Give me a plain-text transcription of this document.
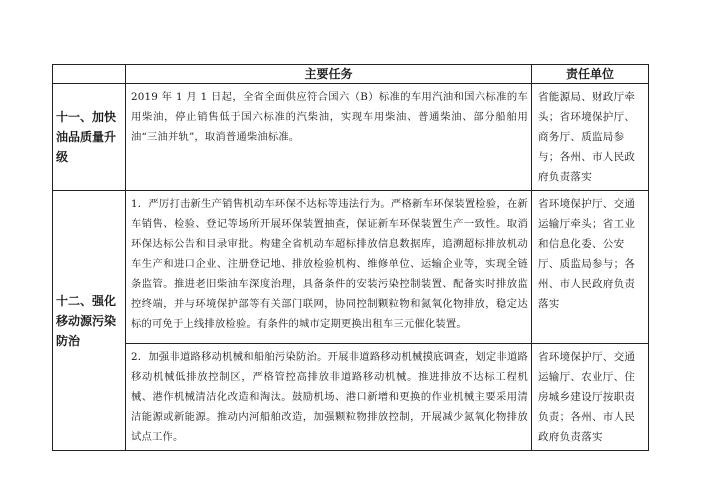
	主要任务	责任单位
十一、加快油品质量升级	2019 年 1 月 1 日起，全省全面供应符合国六（B）标准的车用汽油和国六标准的车用柴油，停止销售低于国六标准的汽柴油，实现车用柴油、普通柴油、部分船舶用油“三油并轨”，取消普通柴油标准。	省能源局、财政厅牵头；省环境保护厅、商务厅、质监局参与；各州、市人民政府负责落实
十二、强化移动源污染防治	1．严厉打击新生产销售机动车环保不达标等违法行为。严格新车环保装置检验，在新车销售、检验、登记等场所开展环保装置抽查，保证新车环保装置生产一致性。取消环保达标公告和目录审批。构建全省机动车超标排放信息数据库，追溯超标排放机动车生产和进口企业、注册登记地、排放检验机构、维修单位、运输企业等，实现全链条监管。推进老旧柴油车深度治理，具备条件的安装污染控制装置、配备实时排放监控终端，并与环境保护部等有关部门联网，协同控制颗粒物和氮氧化物排放，稳定达标的可免于上线排放检验。有条件的城市定期更换出租车三元催化装置。	省环境保护厅、交通运输厅牵头；省工业和信息化委、公安厅、质监局参与；各州、市人民政府负责落实
	2．加强非道路移动机械和船舶污染防治。开展非道路移动机械摸底调查，划定非道路移动机械低排放控制区，严格管控高排放非道路移动机械。推进排放不达标工程机械、港作机械清洁化改造和淘汰。鼓励机场、港口新增和更换的作业机械主要采用清洁能源或新能源。推动内河船舶改造，加强颗粒物排放控制，开展减少氮氧化物排放试点工作。	省环境保护厅、交通运输厅、农业厅、住房城乡建设厅按职责负责；各州、市人民政府负责落实
